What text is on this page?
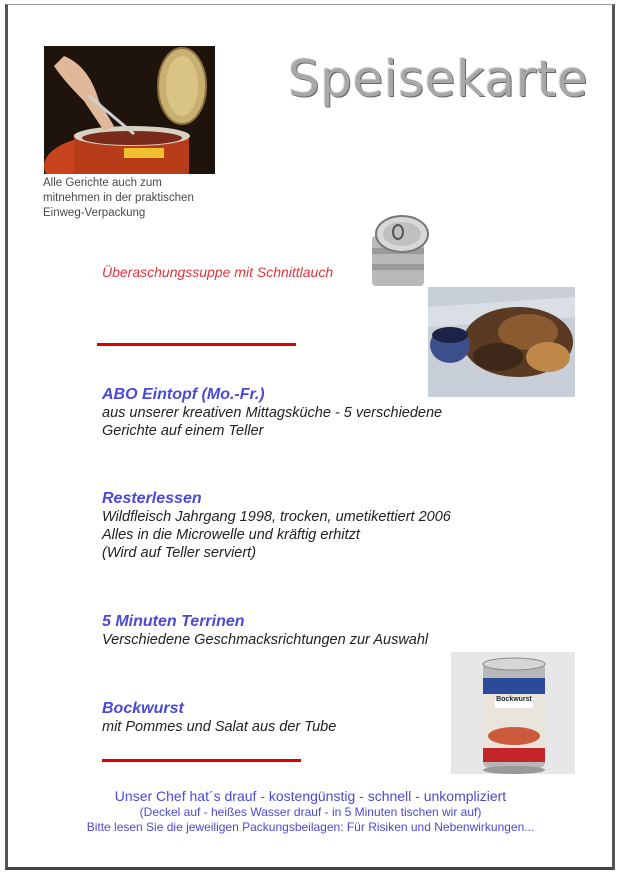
Alle Gerichte auch zum
mitnehmen in der praktischen
Einweg-Verpackung
Speisekarte
Überaschungssuppe mit Schnittlauch
ABO Eintopf (Mo.-Fr.)
aus unserer kreativen Mittagsküche - 5 verschiedene
Gerichte auf einem Teller
Resterlessen
Wildfleisch Jahrgang 1998, trocken, umetikettiert 2006
Alles in die Microwelle und kräftig erhitzt
(Wird auf Teller serviert)
5 Minuten Terrinen
Verschiedene Geschmacksrichtungen zur Auswahl
Bockwurst
Bockwurst
mit Pommes und Salat aus der Tube
Unser Chef hat´s drauf - kostengünstig - schnell - unkompliziert
(Deckel auf - heißes Wasser drauf - in 5 Minuten tischen wir auf)
Bitte lesen Sie die jeweiligen Packungsbeilagen: Für Risiken und Nebenwirkungen...
